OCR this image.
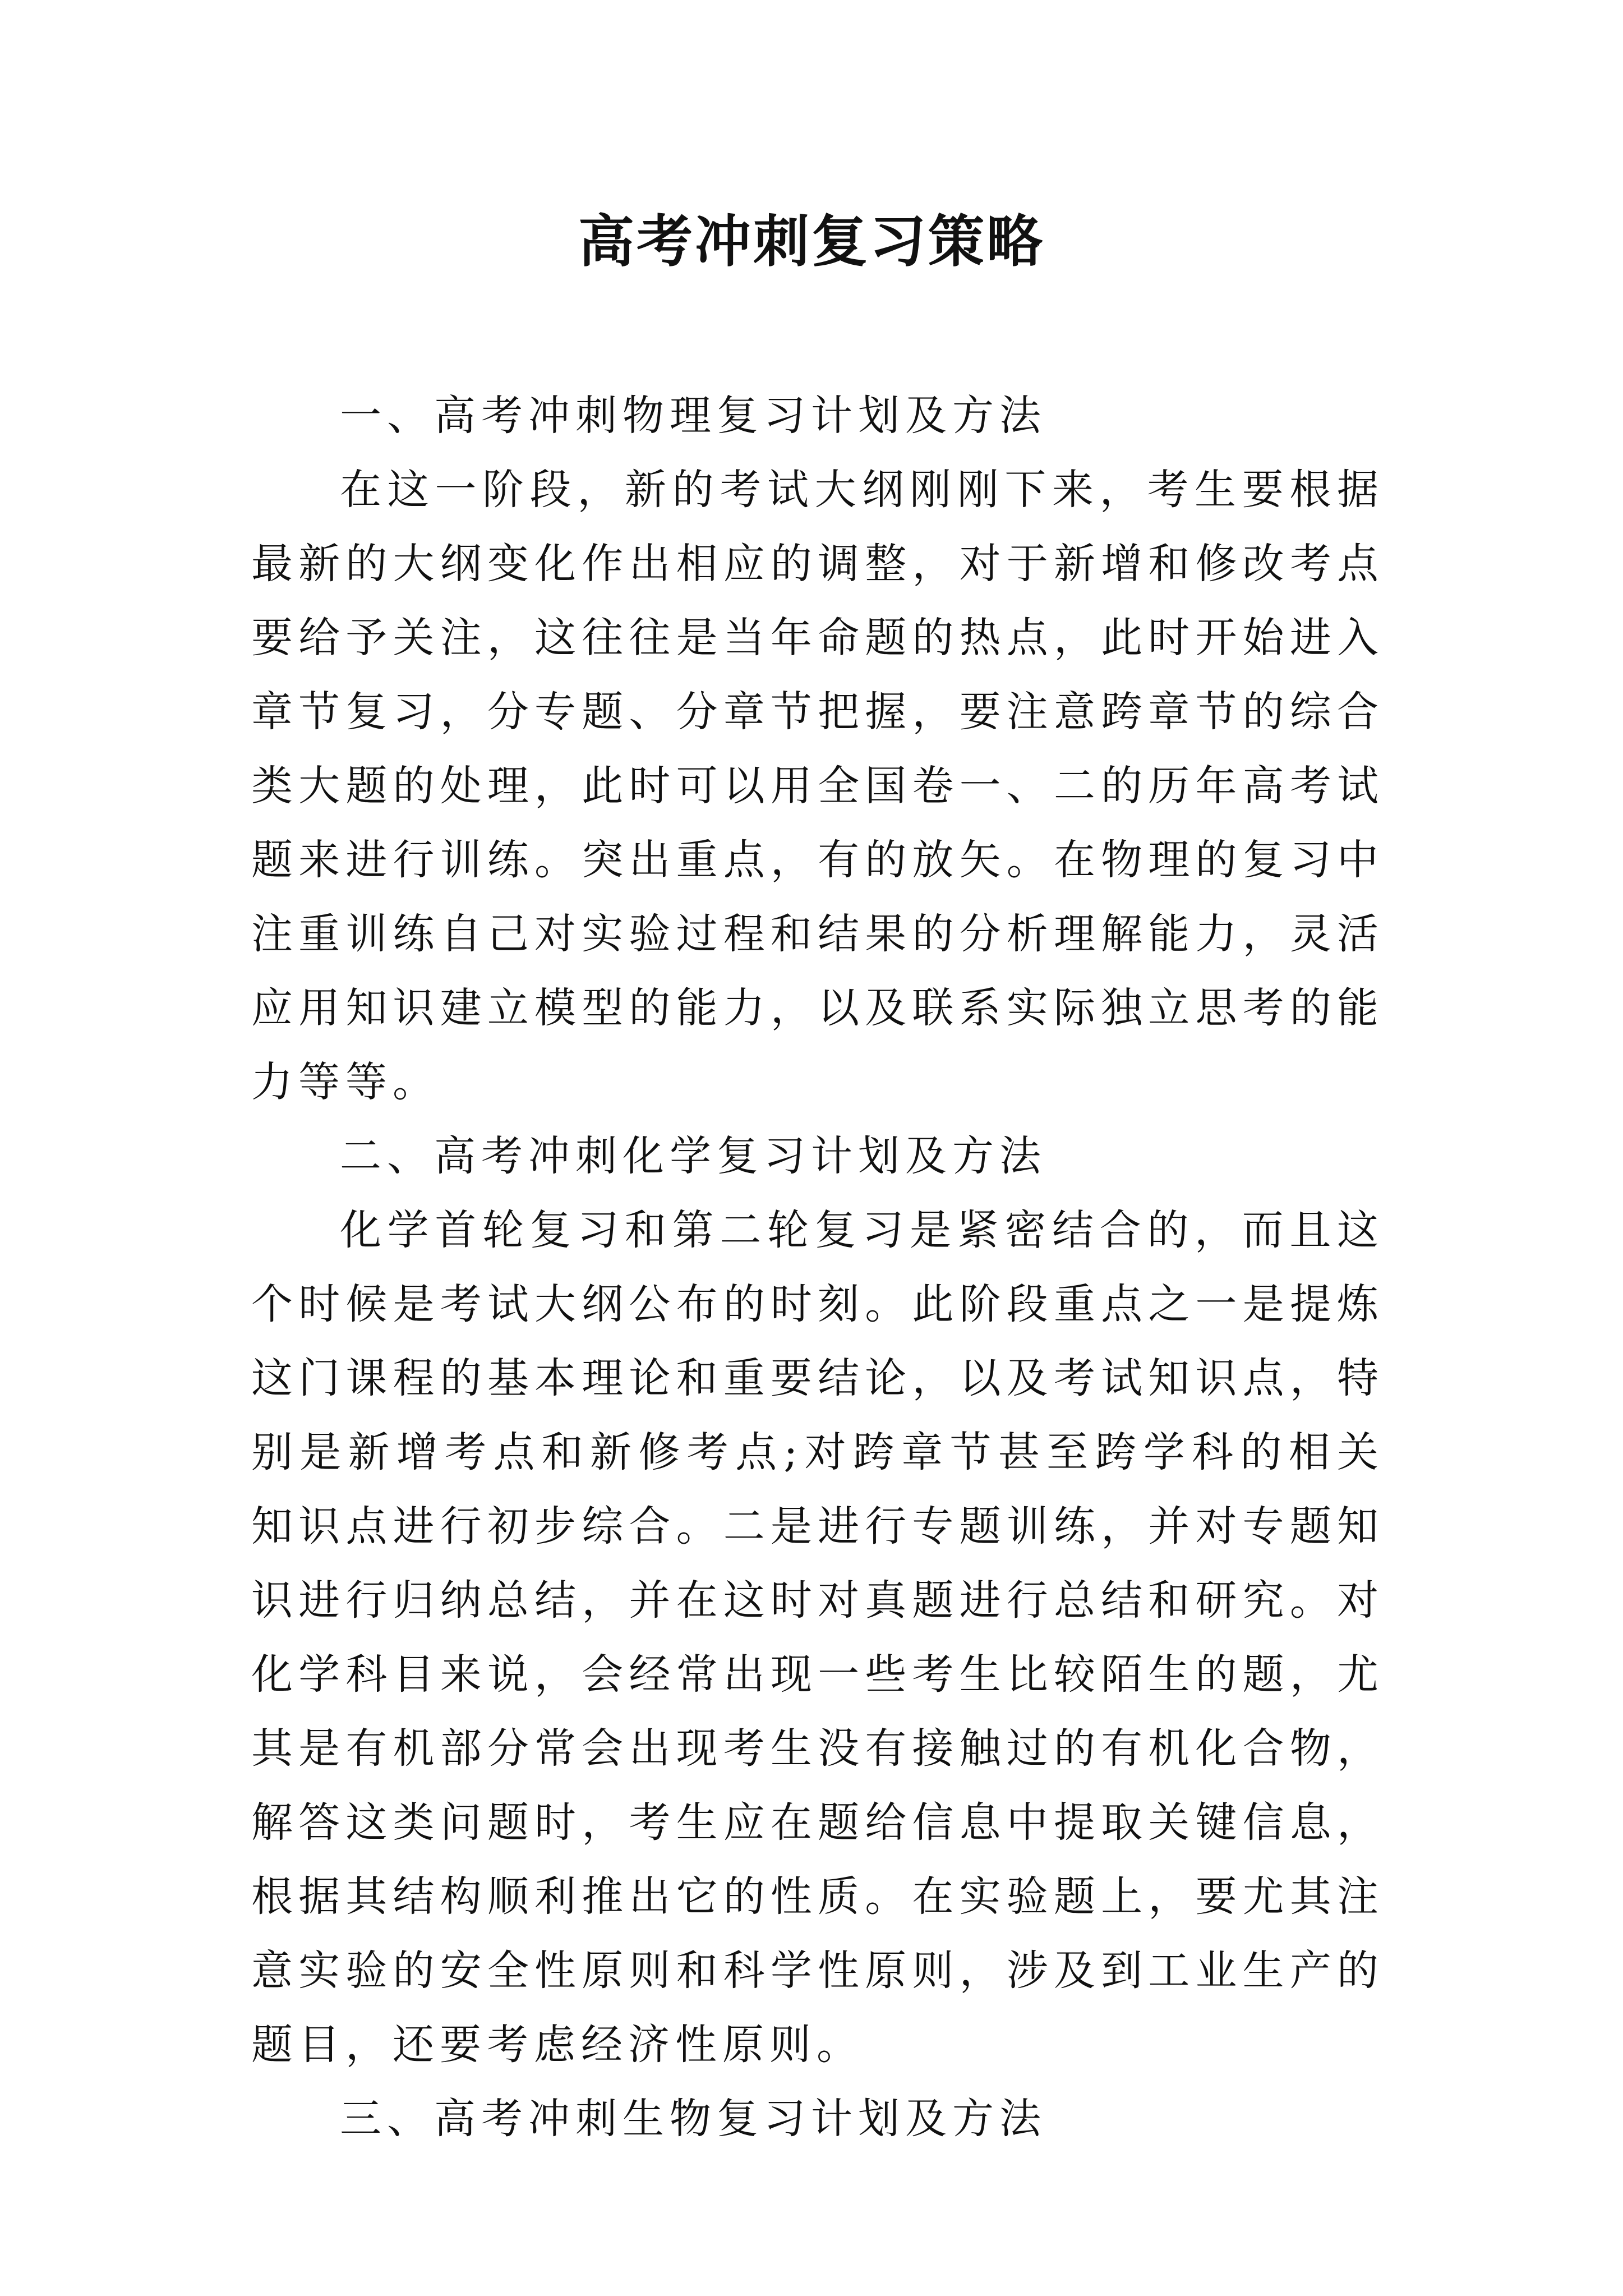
高考冲刺复习策略

一、高考冲刺物理复习计划及方法

在这一阶段，新的考试大纲刚刚下来，考生要根据最新的大纲变化作出相应的调整，对于新增和修改考点要给予关注，这往往是当年命题的热点，此时开始进入章节复习，分专题、分章节把握，要注意跨章节的综合类大题的处理，此时可以用全国卷一、二的历年高考试题来进行训练。突出重点，有的放矢。在物理的复习中注重训练自己对实验过程和结果的分析理解能力，灵活应用知识建立模型的能力，以及联系实际独立思考的能力等等。

二、高考冲刺化学复习计划及方法

化学首轮复习和第二轮复习是紧密结合的，而且这个时候是考试大纲公布的时刻。此阶段重点之一是提炼这门课程的基本理论和重要结论，以及考试知识点，特别是新增考点和新修考点;对跨章节甚至跨学科的相关知识点进行初步综合。二是进行专题训练，并对专题知识进行归纳总结，并在这时对真题进行总结和研究。对化学科目来说，会经常出现一些考生比较陌生的题，尤其是有机部分常会出现考生没有接触过的有机化合物，解答这类问题时，考生应在题给信息中提取关键信息，根据其结构顺利推出它的性质。在实验题上，要尤其注意实验的安全性原则和科学性原则，涉及到工业生产的题目，还要考虑经济性原则。

三、高考冲刺生物复习计划及方法
